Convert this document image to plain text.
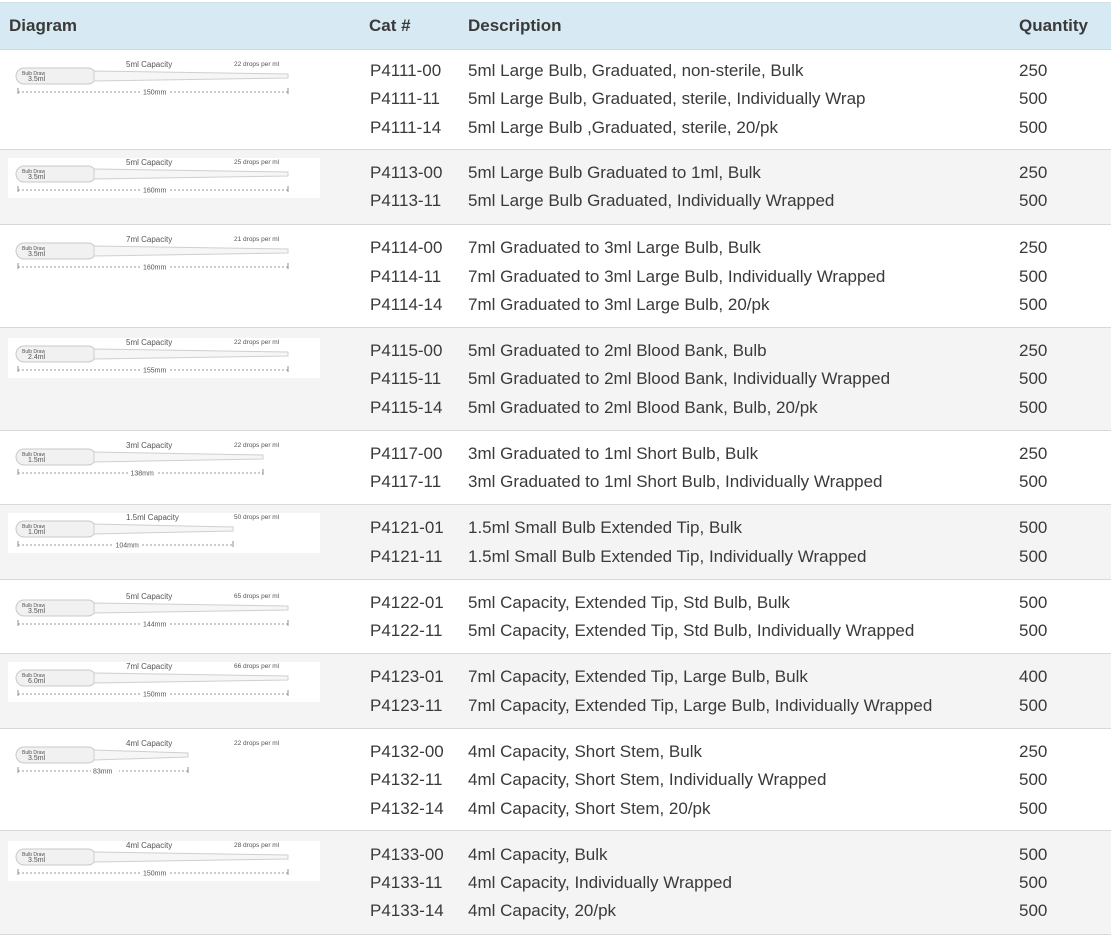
Diagram	Cat #	Description	Quantity
Bulb Draw
3.5ml
5ml Capacity	22 drops per ml
150mm
P4111-00 5ml Large Bulb, Graduated, non-sterile, Bulk	250
P4111-11 5ml Large Bulb, Graduated, sterile, Individually Wrap	500
P4111-14 5ml Large Bulb ,Graduated, sterile, 20/pk	500
Bulb Draw
3.5ml
5ml Capacity	25 drops per ml
160mm
P4113-00 5ml Large Bulb Graduated to 1ml, Bulk	250
P4113-11 5ml Large Bulb Graduated, Individually Wrapped	500
Bulb Draw
3.5ml
7ml Capacity	21 drops per ml
160mm
P4114-00 7ml Graduated to 3ml Large Bulb, Bulk	250
P4114-11 7ml Graduated to 3ml Large Bulb, Individually Wrapped	500
P4114-14 7ml Graduated to 3ml Large Bulb, 20/pk	500
Bulb Draw
2.4ml
5ml Capacity	22 drops per ml
155mm
P4115-00 5ml Graduated to 2ml Blood Bank, Bulb	250
P4115-11 5ml Graduated to 2ml Blood Bank, Individually Wrapped	500
P4115-14 5ml Graduated to 2ml Blood Bank, Bulb, 20/pk	500
Bulb Draw
1.5ml
3ml Capacity	22 drops per ml
138mm
P4117-00 3ml Graduated to 1ml Short Bulb, Bulk	250
P4117-11 3ml Graduated to 1ml Short Bulb, Individually Wrapped	500
Bulb Draw
1.0ml
1.5ml Capacity	50 drops per ml
104mm
P4121-01 1.5ml Small Bulb Extended Tip, Bulk	500
P4121-11 1.5ml Small Bulb Extended Tip, Individually Wrapped	500
Bulb Draw
3.5ml
5ml Capacity	65 drops per ml
144mm
P4122-01 5ml Capacity, Extended Tip, Std Bulb, Bulk	500
P4122-11 5ml Capacity, Extended Tip, Std Bulb, Individually Wrapped	500
Bulb Draw
6.0ml
7ml Capacity	66 drops per ml
150mm
P4123-01 7ml Capacity, Extended Tip, Large Bulb, Bulk	400
P4123-11 7ml Capacity, Extended Tip, Large Bulb, Individually Wrapped	500
Bulb Draw
3.5ml
4ml Capacity	22 drops per ml
83mm
P4132-00 4ml Capacity, Short Stem, Bulk	250
P4132-11 4ml Capacity, Short Stem, Individually Wrapped	500
P4132-14 4ml Capacity, Short Stem, 20/pk	500
Bulb Draw
3.5ml
4ml Capacity	28 drops per ml
150mm
P4133-00 4ml Capacity, Bulk	500
P4133-11 4ml Capacity, Individually Wrapped	500
P4133-14 4ml Capacity, 20/pk	500
